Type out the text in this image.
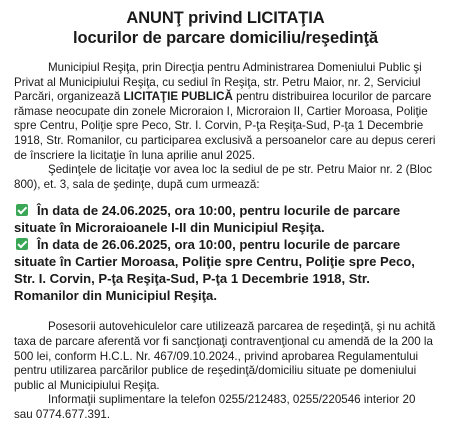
ANUNŢ privind LICITAŢIA

locurilor de parcare domiciliu/reşedinţă

Municipiul Reşiţa, prin Direcţia pentru Administrarea Domeniului Public şi Privat al Municipiului Reşiţa, cu sediul în Reşiţa, str. Petru Maior, nr. 2, Serviciul Parcări, organizează LICITAŢIE PUBLICĂ pentru distribuirea locurilor de parcare rămase neocupate din zonele Microraion I, Microraion II, Cartier Moroasa, Poliţie spre Centru, Poliţie spre Peco, Str. I. Corvin, P-ţa Reşiţa-Sud, P-ţa 1 Decembrie 1918, Str. Romanilor, cu participarea exclusivă a persoanelor care au depus cereri de înscriere la licitaţie în luna aprilie anul 2025.

Şedinţele de licitaţie vor avea loc la sediul de pe str. Petru Maior nr. 2 (Bloc 800), et. 3, sala de şedinţe, după cum urmează:

În data de 24.06.2025, ora 10:00, pentru locurile de parcare situate în Microraioanele I-II din Municipiul Reşiţa.

În data de 26.06.2025, ora 10:00, pentru locurile de parcare situate în Cartier Moroasa, Poliţie spre Centru, Poliţie spre Peco, Str. I. Corvin, P-ţa Reşiţa-Sud, P-ţa 1 Decembrie 1918, Str. Romanilor din Municipiul Reşiţa.

Posesorii autovehiculelor care utilizează parcarea de reşedinţă, şi nu achită taxa de parcare aferentă vor fi sancţionaţi contravenţional cu amendă de la 200 la 500 lei, conform H.C.L. Nr. 467/09.10.2024., privind aprobarea Regulamentului pentru utilizarea parcărilor publice de reşedinţă/domiciliu situate pe domeniului public al Municipiului Reşiţa.

Informaţii suplimentare la telefon 0255/212483, 0255/220546 interior 20 sau 0774.677.391.
